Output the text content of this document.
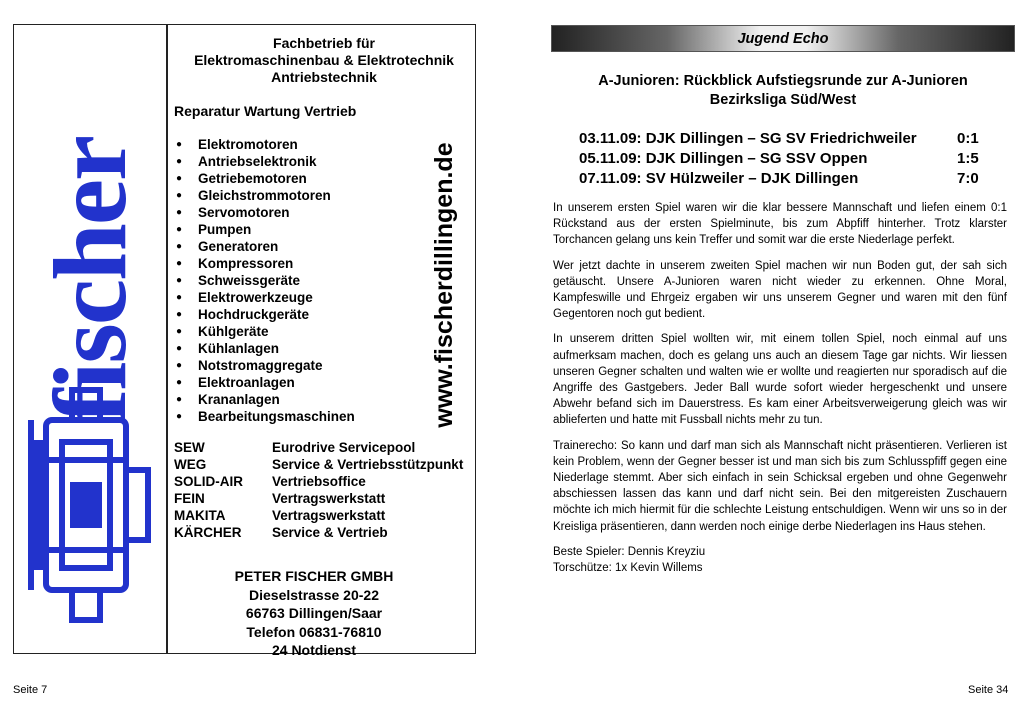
fischer
Fachbetrieb für
Elektromaschinenbau & Elektrotechnik
Antriebstechnik
Reparatur Wartung Vertrieb
● Elektromotoren
● Antriebselektronik
● Getriebemotoren
● Gleichstrommotoren
● Servomotoren
● Pumpen
● Generatoren
● Kompressoren
● Schweissgeräte
● Elektrowerkzeuge
● Hochdruckgeräte
● Kühlgeräte
● Kühlanlagen
● Notstromaggregate
● Elektroanlagen
● Krananlagen
● Bearbeitungsmaschinen
SEW	Eurodrive Servicepool
WEG	Service & Vertriebsstützpunkt
SOLID-AIR Vertriebsoffice
FEIN	Vertragswerkstatt
MAKITA	Vertragswerkstatt
KÄRCHER Service & Vertrieb
PETER FISCHER GMBH
Dieselstrasse 20-22
66763 Dillingen/Saar
Telefon 06831-76810
24 Notdienst
www.fischerdillingen.de
Jugend Echo
A-Junioren: Rückblick Aufstiegsrunde zur A-Junioren
Bezirksliga Süd/West
03.11.09: DJK Dillingen – SG SV Friedrichweiler	0:1
05.11.09: DJK Dillingen – SG SSV Oppen	1:5
07.11.09: SV Hülzweiler – DJK Dillingen	7:0

In unserem ersten Spiel waren wir die klar bessere Mannschaft und liefen einem 0:1 Rückstand aus der ersten Spielminute, bis zum Abpfiff hinterher. Trotz klarster Torchancen gelang uns kein Treffer und somit war die erste Niederlage perfekt.

Wer jetzt dachte in unserem zweiten Spiel machen wir nun Boden gut, der sah sich getäuscht. Unsere A-Junioren waren nicht wieder zu erkennen. Ohne Moral, Kampfeswille und Ehrgeiz ergaben wir uns unserem Gegner und waren mit den fünf Gegentoren noch gut bedient.

In unserem dritten Spiel wollten wir, mit einem tollen Spiel, noch einmal auf uns aufmerksam machen, doch es gelang uns auch an diesem Tage gar nichts. Wir liessen unseren Gegner schalten und walten wie er wollte und reagierten nur sporadisch auf die Angriffe des Gastgebers. Jeder Ball wurde sofort wieder hergeschenkt und unsere Abwehr befand sich im Dauerstress. Es kam einer Arbeitsverweigerung gleich was wir ablieferten und hatte mit Fussball nichts mehr zu tun.

Trainerecho: So kann und darf man sich als Mannschaft nicht präsentieren. Verlieren ist kein Problem, wenn der Gegner besser ist und man sich bis zum Schlusspfiff gegen eine Niederlage stemmt. Aber sich einfach in sein Schicksal ergeben und ohne Gegenwehr abschiessen lassen das kann und darf nicht sein. Bei den mitgereisten Zuschauern möchte ich mich hiermit für die schlechte Leistung entschuldigen. Wenn wir uns so in der Kreisliga präsentieren, dann werden noch einige derbe Niederlagen ins Haus stehen.

Beste Spieler: Dennis Kreyziu
Torschütze: 1x Kevin Willems

Seite 7	Seite 34
